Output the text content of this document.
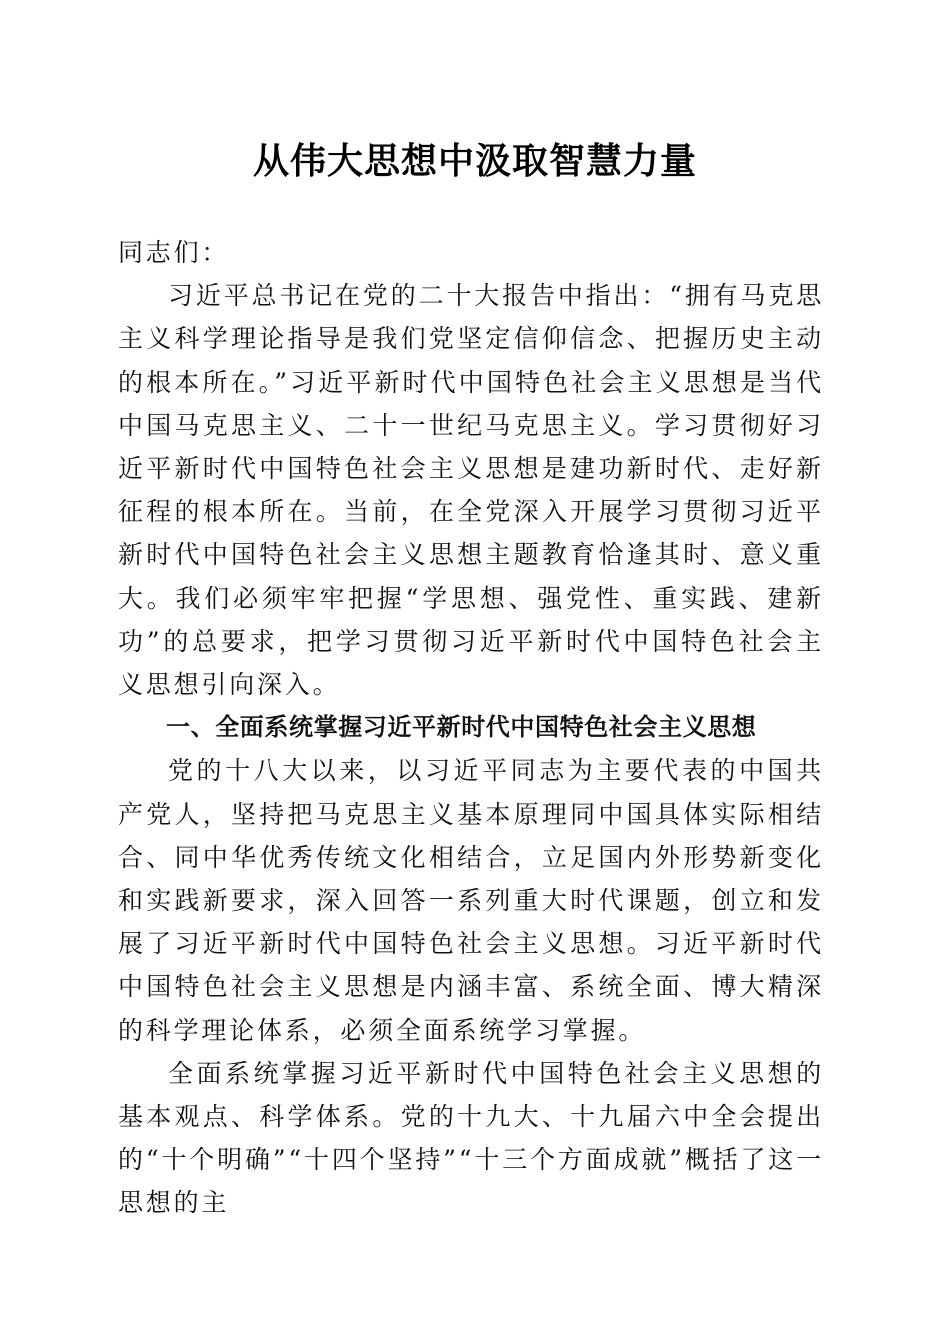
从伟大思想中汲取智慧力量

同志们：

习近平总书记在党的二十大报告中指出：“拥有马克思主义科学理论指导是我们党坚定信仰信念、把握历史主动的根本所在。”习近平新时代中国特色社会主义思想是当代中国马克思主义、二十一世纪马克思主义。学习贯彻好习近平新时代中国特色社会主义思想是建功新时代、走好新征程的根本所在。当前，在全党深入开展学习贯彻习近平新时代中国特色社会主义思想主题教育恰逢其时、意义重大。我们必须牢牢把握“学思想、强党性、重实践、建新功”的总要求，把学习贯彻习近平新时代中国特色社会主义思想引向深入。

一、全面系统掌握习近平新时代中国特色社会主义思想

党的十八大以来，以习近平同志为主要代表的中国共产党人，坚持把马克思主义基本原理同中国具体实际相结合、同中华优秀传统文化相结合，立足国内外形势新变化和实践新要求，深入回答一系列重大时代课题，创立和发展了习近平新时代中国特色社会主义思想。习近平新时代中国特色社会主义思想是内涵丰富、系统全面、博大精深的科学理论体系，必须全面系统学习掌握。

全面系统掌握习近平新时代中国特色社会主义思想的基本观点、科学体系。党的十九大、十九届六中全会提出的“十个明确”“十四个坚持”“十三个方面成就”概括了这一思想的主
